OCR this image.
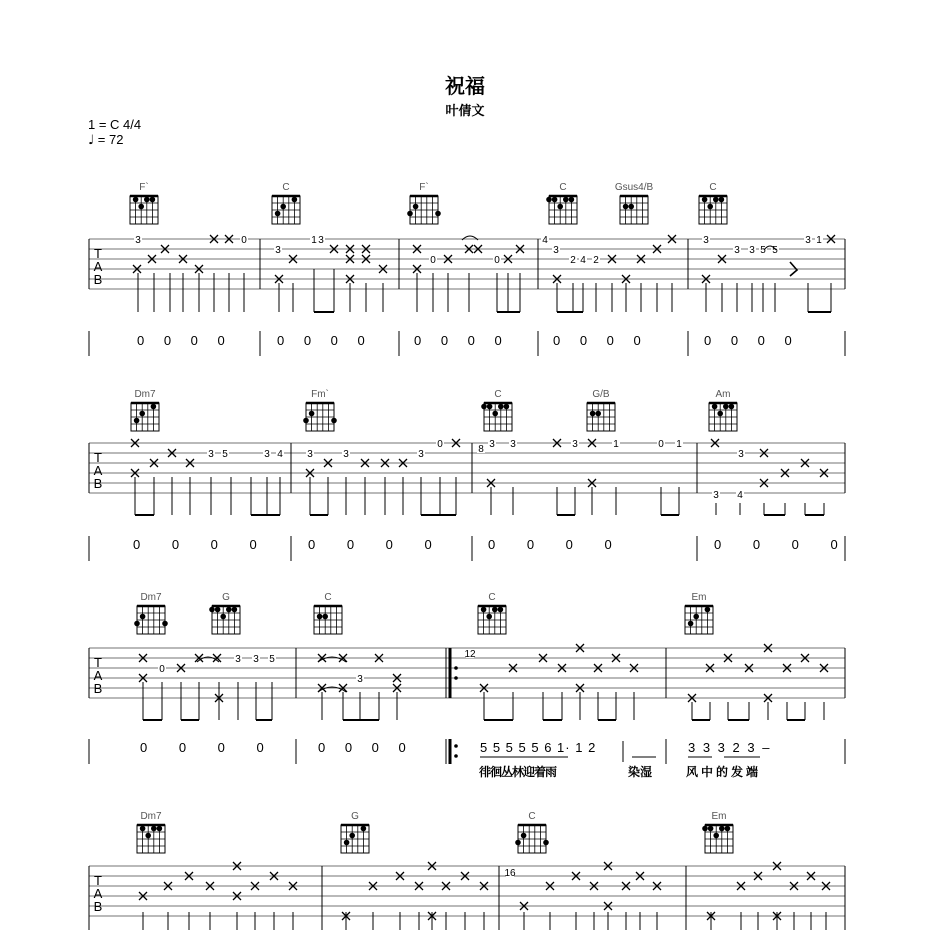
祝福
叶倩文
1 = C 4/4
♩ = 72
F`	C	F`	C	Gsus4/B	C
T
A
B
3	0
3
1 3
0	0
4
3
2 4 2
3
3 3 5 5
3 1
0 0 0 0	0 0 0 0	0 0 0 0	0 0 0 0	0 0 0 0
Dm7	Fm`	C	G/B	Am
T
A
B
3 5	3 4 3	3	3
0	8 3 3	3	1	0 1
3
3 4
0 0 0 0	0 0 0 0	0 0 0 0	0 0 0 0
Dm7	G	C	C	Em
T
A
B
0
3 3 5
3
12
0 0 0 0	0 0 0 0	5 5 5 5 5 6 1· 1 2	3 3 3 2 3 –
徘徊丛林迎着雨	染湿	风中的发端
Dm7	G	C	Em
T
A
B
16
